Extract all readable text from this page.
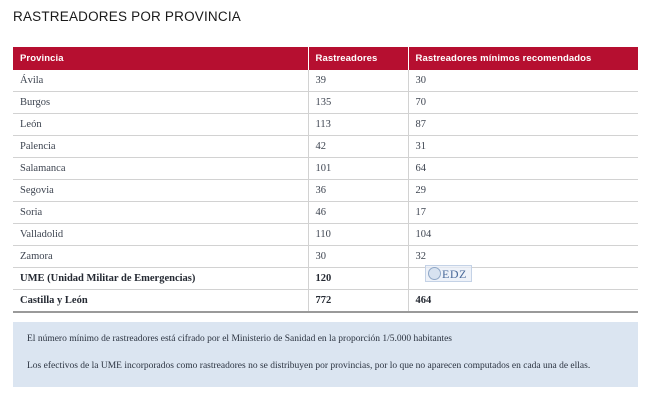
RASTREADORES POR PROVINCIA
Provincia	Rastreadores	Rastreadores mínimos recomendados
Ávila	39	30
Burgos	135	70
León	113	87
Palencia	42	31
Salamanca	101	64
Segovia	36	29
Soria	46	17
Valladolid	110	104
Zamora	30	32
UME (Unidad Militar de Emergencias)	120	
Castilla y León	772	464
EDZ
El número mínimo de rastreadores está cifrado por el Ministerio de Sanidad en la proporción 1/5.000 habitantes
Los efectivos de la UME incorporados como rastreadores no se distribuyen por provincias, por lo que no aparecen computados en cada una de ellas.
